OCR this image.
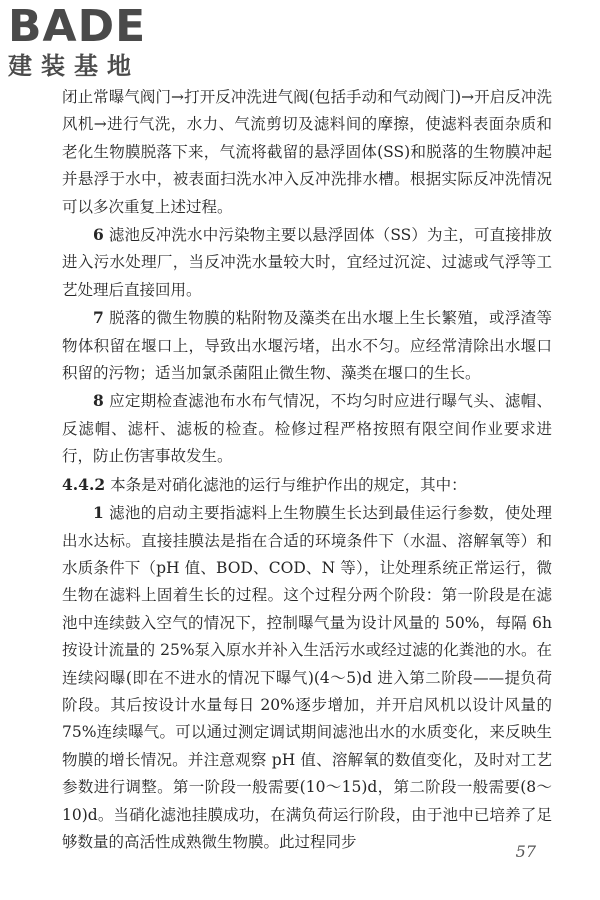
BADE
建装基地

闭止常曝气阀门→打开反冲洗进气阀(包括手动和气动阀门)→开启反冲洗风机→进行气洗，水力、气流剪切及滤料间的摩擦，使滤料表面杂质和老化生物膜脱落下来，气流将截留的悬浮固体(SS)和脱落的生物膜冲起并悬浮于水中，被表面扫洗水冲入反冲洗排水槽。根据实际反冲洗情况可以多次重复上述过程。

6 滤池反冲洗水中污染物主要以悬浮固体（SS）为主，可直接排放进入污水处理厂，当反冲洗水量较大时，宜经过沉淀、过滤或气浮等工艺处理后直接回用。

7 脱落的微生物膜的粘附物及藻类在出水堰上生长繁殖，或浮渣等物体积留在堰口上，导致出水堰污堵，出水不匀。应经常清除出水堰口积留的污物；适当加氯杀菌阻止微生物、藻类在堰口的生长。

8 应定期检查滤池布水布气情况，不均匀时应进行曝气头、滤帽、反滤帽、滤杆、滤板的检查。检修过程严格按照有限空间作业要求进行，防止伤害事故发生。

4.4.2 本条是对硝化滤池的运行与维护作出的规定，其中：

1 滤池的启动主要指滤料上生物膜生长达到最佳运行参数，使处理出水达标。直接挂膜法是指在合适的环境条件下（水温、溶解氧等）和水质条件下（pH 值、BOD、COD、N 等），让处理系统正常运行，微生物在滤料上固着生长的过程。这个过程分两个阶段：第一阶段是在滤池中连续鼓入空气的情况下，控制曝气量为设计风量的 50%，每隔 6h 按设计流量的 25%泵入原水并补入生活污水或经过滤的化粪池的水。在连续闷曝(即在不进水的情况下曝气)(4～5)d 进入第二阶段——提负荷阶段。其后按设计水量每日 20%逐步增加，并开启风机以设计风量的 75%连续曝气。可以通过测定调试期间滤池出水的水质变化，来反映生物膜的增长情况。并注意观察 pH 值、溶解氧的数值变化，及时对工艺参数进行调整。第一阶段一般需要(10～15)d，第二阶段一般需要(8～10)d。当硝化滤池挂膜成功，在满负荷运行阶段，由于池中已培养了足够数量的高活性成熟微生物膜。此过程同步

57
